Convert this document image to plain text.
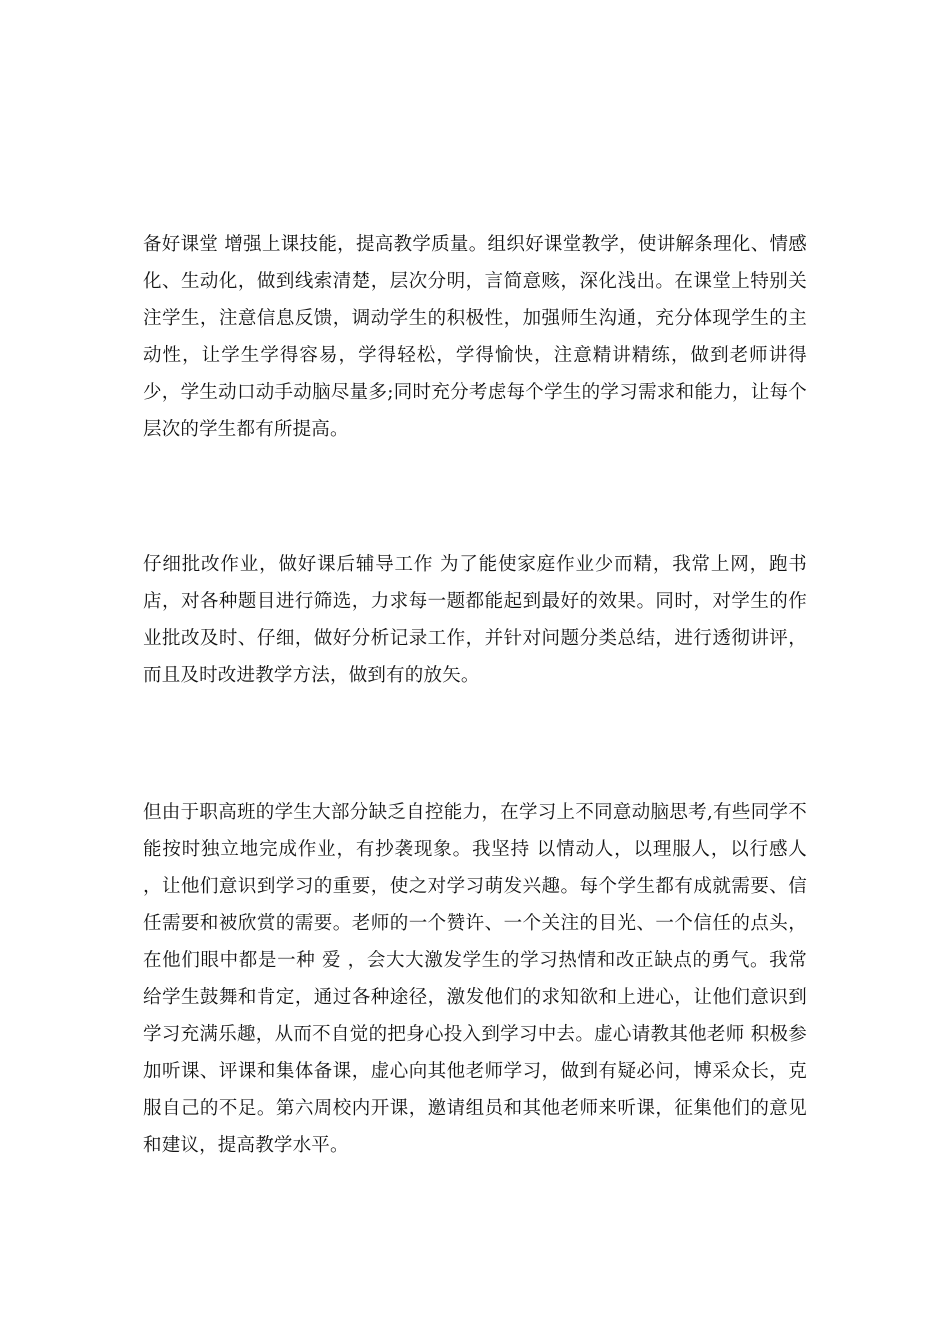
备好课堂 增强上课技能，提高教学质量。组织好课堂教学，使讲解条理化、情感化、生动化，做到线索清楚，层次分明，言简意赅，深化浅出。在课堂上特别关注学生，注意信息反馈，调动学生的积极性，加强师生沟通，充分体现学生的主动性，让学生学得容易，学得轻松，学得愉快，注意精讲精练，做到老师讲得少，学生动口动手动脑尽量多;同时充分考虑每个学生的学习需求和能力，让每个层次的学生都有所提高。

仔细批改作业，做好课后辅导工作 为了能使家庭作业少而精，我常上网，跑书店，对各种题目进行筛选，力求每一题都能起到最好的效果。同时，对学生的作业批改及时、仔细，做好分析记录工作，并针对问题分类总结，进行透彻讲评，而且及时改进教学方法，做到有的放矢。

但由于职高班的学生大部分缺乏自控能力，在学习上不同意动脑思考,有些同学不能按时独立地完成作业，有抄袭现象。我坚持 以情动人，以理服人，以行感人 ，让他们意识到学习的重要，使之对学习萌发兴趣。每个学生都有成就需要、信任需要和被欣赏的需要。老师的一个赞许、一个关注的目光、一个信任的点头，在他们眼中都是一种 爱 ，会大大激发学生的学习热情和改正缺点的勇气。我常给学生鼓舞和肯定，通过各种途径，激发他们的求知欲和上进心，让他们意识到学习充满乐趣，从而不自觉的把身心投入到学习中去。虚心请教其他老师 积极参加听课、评课和集体备课，虚心向其他老师学习，做到有疑必问，博采众长，克服自己的不足。第六周校内开课，邀请组员和其他老师来听课，征集他们的意见和建议，提高教学水平。
